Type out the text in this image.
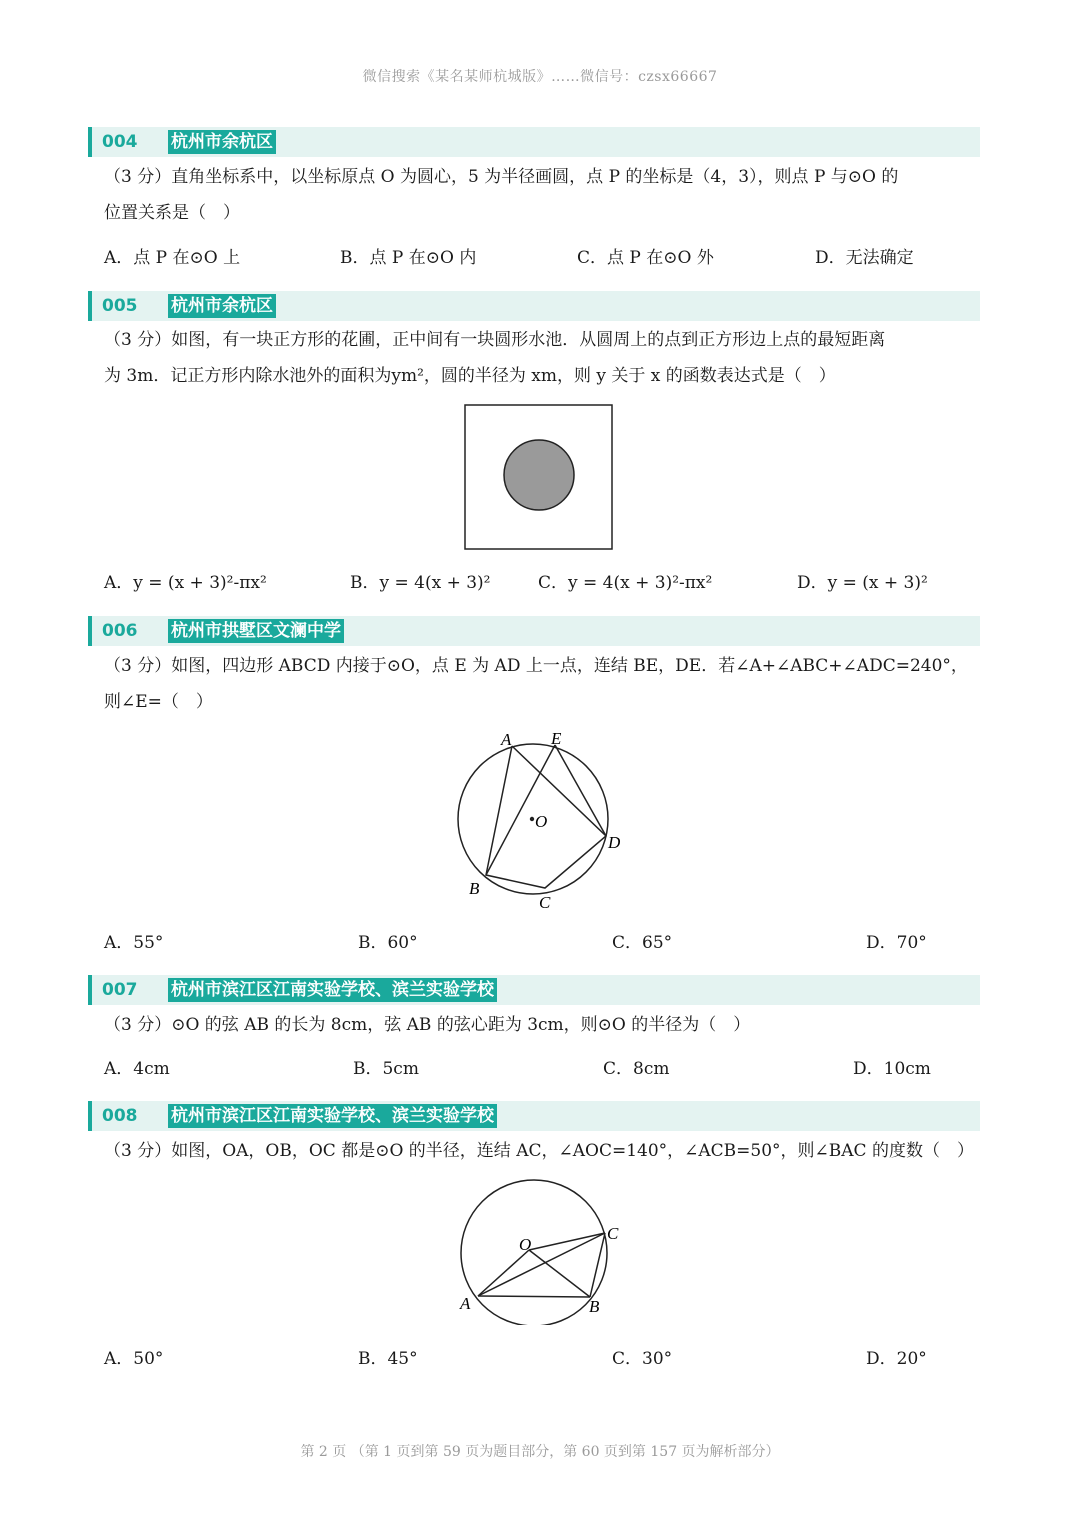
微信搜索《某名某师杭城版》……微信号：czsx66667
004 杭州市余杭区
（3 分）直角坐标系中，以坐标原点 O 为圆心，5 为半径画圆，点 P 的坐标是（4，3），则点 P 与⊙O 的
位置关系是（　）
A．点 P 在⊙O 上	B．点 P 在⊙O 内	C．点 P 在⊙O 外	D．无法确定
005 杭州市余杭区
（3 分）如图，有一块正方形的花圃，正中间有一块圆形水池．从圆周上的点到正方形边上点的最短距离
为 3m．记正方形内除水池外的面积为ym²，圆的半径为 xm，则 y 关于 x 的函数表达式是（　）
A．y = (x + 3)²-πx²	B．y = 4(x + 3)²	C．y = 4(x + 3)²-πx²	D．y = (x + 3)²
006 杭州市拱墅区文澜中学
（3 分）如图，四边形 ABCD 内接于⊙O，点 E 为 AD 上一点，连结 BE，DE．若∠A+∠ABC+∠ADC=240°，
则∠E=（　）
A E
O
D
B
C
A．55°	B．60°	C．65°	D．70°
007 杭州市滨江区江南实验学校、滨兰实验学校
（3 分）⊙O 的弦 AB 的长为 8cm，弦 AB 的弦心距为 3cm，则⊙O 的半径为（　）
A．4cm	B．5cm	C．8cm	D．10cm
008 杭州市滨江区江南实验学校、滨兰实验学校
（3 分）如图，OA，OB，OC 都是⊙O 的半径，连结 AC，∠AOC=140°，∠ACB=50°，则∠BAC 的度数（　）
O
C
A	B
A．50°	B．45°	C．30°	D．20°
第 2 页 （第 1 页到第 59 页为题目部分，第 60 页到第 157 页为解析部分）
